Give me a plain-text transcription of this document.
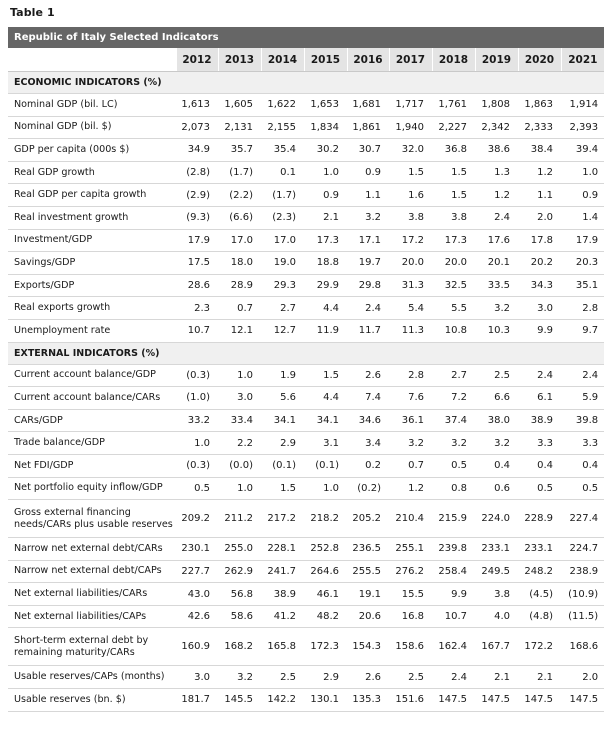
Table 1
Republic of Italy Selected Indicators										
	2012	2013	2014	2015	2016	2017	2018	2019	2020	2021
ECONOMIC INDICATORS (%)										
Nominal GDP (bil. LC)	1,613	1,605	1,622	1,653	1,681	1,717	1,761	1,808	1,863	1,914
Nominal GDP (bil. $)	2,073	2,131	2,155	1,834	1,861	1,940	2,227	2,342	2,333	2,393
GDP per capita (000s $)	34.9	35.7	35.4	30.2	30.7	32.0	36.8	38.6	38.4	39.4
Real GDP growth	(2.8)	(1.7)	0.1	1.0	0.9	1.5	1.5	1.3	1.2	1.0
Real GDP per capita growth	(2.9)	(2.2)	(1.7)	0.9	1.1	1.6	1.5	1.2	1.1	0.9
Real investment growth	(9.3)	(6.6)	(2.3)	2.1	3.2	3.8	3.8	2.4	2.0	1.4
Investment/GDP	17.9	17.0	17.0	17.3	17.1	17.2	17.3	17.6	17.8	17.9
Savings/GDP	17.5	18.0	19.0	18.8	19.7	20.0	20.0	20.1	20.2	20.3
Exports/GDP	28.6	28.9	29.3	29.9	29.8	31.3	32.5	33.5	34.3	35.1
Real exports growth	2.3	0.7	2.7	4.4	2.4	5.4	5.5	3.2	3.0	2.8
Unemployment rate	10.7	12.1	12.7	11.9	11.7	11.3	10.8	10.3	9.9	9.7
EXTERNAL INDICATORS (%)										
Current account balance/GDP	(0.3)	1.0	1.9	1.5	2.6	2.8	2.7	2.5	2.4	2.4
Current account balance/CARs	(1.0)	3.0	5.6	4.4	7.4	7.6	7.2	6.6	6.1	5.9
CARs/GDP	33.2	33.4	34.1	34.1	34.6	36.1	37.4	38.0	38.9	39.8
Trade balance/GDP	1.0	2.2	2.9	3.1	3.4	3.2	3.2	3.2	3.3	3.3
Net FDI/GDP	(0.3)	(0.0)	(0.1)	(0.1)	0.2	0.7	0.5	0.4	0.4	0.4
Net portfolio equity inflow/GDP	0.5	1.0	1.5	1.0	(0.2)	1.2	0.8	0.6	0.5	0.5
Gross external financing needs/CARs plus usable reserves	209.2	211.2	217.2	218.2	205.2	210.4	215.9	224.0	228.9	227.4
Narrow net external debt/CARs	230.1	255.0	228.1	252.8	236.5	255.1	239.8	233.1	233.1	224.7
Narrow net external debt/CAPs	227.7	262.9	241.7	264.6	255.5	276.2	258.4	249.5	248.2	238.9
Net external liabilities/CARs	43.0	56.8	38.9	46.1	19.1	15.5	9.9	3.8	(4.5)	(10.9)
Net external liabilities/CAPs	42.6	58.6	41.2	48.2	20.6	16.8	10.7	4.0	(4.8)	(11.5)
Short-term external debt by remaining maturity/CARs	160.9	168.2	165.8	172.3	154.3	158.6	162.4	167.7	172.2	168.6
Usable reserves/CAPs (months)	3.0	3.2	2.5	2.9	2.6	2.5	2.4	2.1	2.1	2.0
Usable reserves (bn. $)	181.7	145.5	142.2	130.1	135.3	151.6	147.5	147.5	147.5	147.5
